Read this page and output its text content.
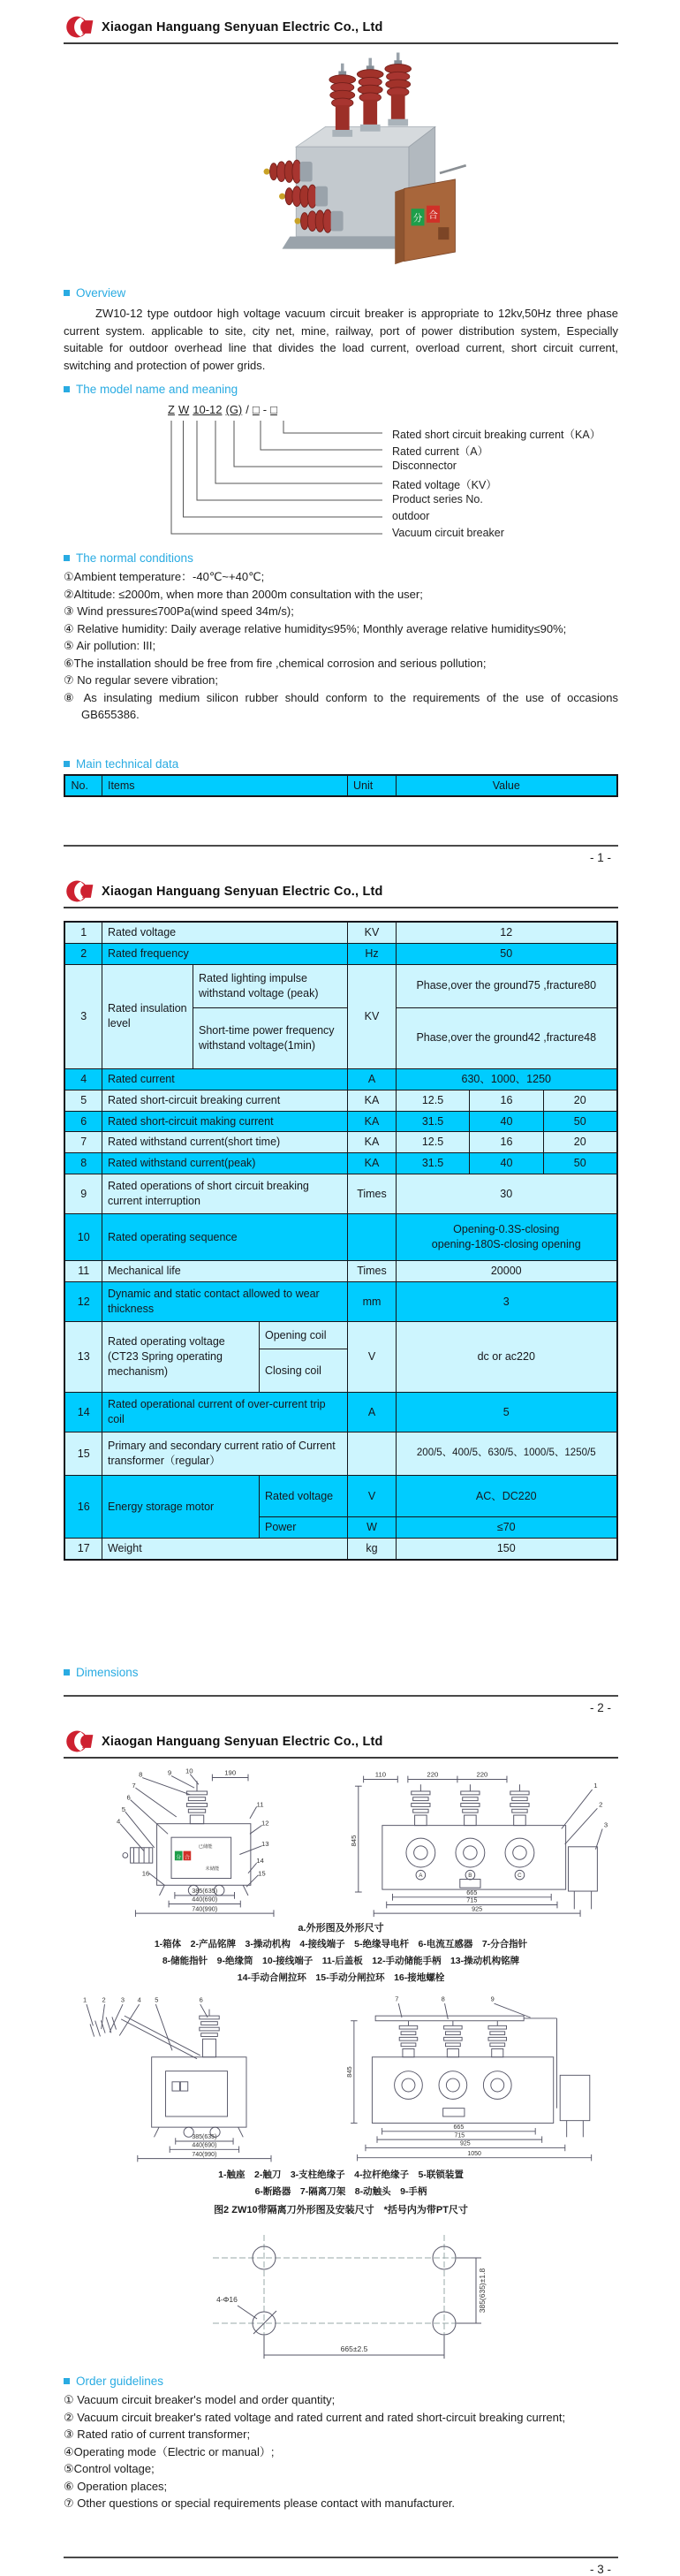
Xiaogan Hanguang Senyuan Electric Co., Ltd
分 合
Overview

ZW10-12 type outdoor high voltage vacuum circuit breaker is appropriate to 12kv,50Hz three phase current system. applicable to site, city net, mine, railway, port of power distribution system, Especially suitable for outdoor overhead line that divides the load current, overload current, short circuit current, switching and protection of power grids.

The model name and meaning
Z W 10-12 (G) / □ - □
Rated short circuit breaking current（KA）
Rated current（A）
Disconnector
Rated voltage（KV）
Product series No.
outdoor
Vacuum circuit breaker
The normal conditions
①Ambient temperature：-40℃~+40℃;
②Altitude: ≤2000m, when more than 2000m consultation with the user;
③ Wind pressure≤700Pa(wind speed 34m/s);
④ Relative humidity: Daily average relative humidity≤95%; Monthly average relative humidity≤90%;
⑤ Air pollution: III;
⑥The installation should be free from fire ,chemical corrosion and serious pollution;
⑦ No regular severe vibration;
⑧ As insulating medium silicon rubber should conform to the requirements of the use of occasions GB655386.
Main technical data
No.	Items	Unit	Value
- 1 -
Xiaogan Hanguang Senyuan Electric Co., Ltd
1	Rated voltage			KV	12		
2	Rated frequency			Hz	50		
3	Rated insulation level	Rated lighting impulse withstand voltage (peak)		KV	Phase,over the ground75 ,fracture80		
		Short-time power frequency withstand voltage(1min)			Phase,over the ground42 ,fracture48		
4	Rated current			A	630、1000、1250		
5	Rated short-circuit breaking current			KA	12.5	16	20
6	Rated short-circuit making current			KA	31.5	40	50
7	Rated withstand current(short time)			KA	12.5	16	20
8	Rated withstand current(peak)			KA	31.5	40	50
9	Rated operations of short circuit breaking current interruption			Times	30		
10	Rated operating sequence				Opening-0.3S-closing
opening-180S-closing opening		

11	Mechanical life			Times	20000		
12	Dynamic and static contact allowed to wear thickness			mm	3		
13	Rated operating voltage (CT23 Spring operating mechanism)		Opening coil	V	dc or ac220		
			Closing coil				
14	Rated operational current of over-current trip coil			A	5		
15	Primary and secondary current ratio of Current transformer（regular）				200/5、400/5、630/5、1000/5、1250/5		
16	Energy storage motor		Rated voltage	V	AC、DC220		
			Power	W	≤70		
17	Weight			kg	150		
Dimensions
- 2 -
Xiaogan Hanguang Senyuan Electric Co., Ltd
190
4
5
6
7
8	9 10
11
12
13
14
15
16
385(635)
440(690)
740(990)
已储能
分 合
未储能
110	220	220
845
1
2
3
A	B	C
665
715
925
a.外形图及外形尺寸
1-箱体　2-产品铭牌　3-操动机构　4-接线端子　5-绝缘导电杆　6-电流互感器　7-分合指针
8-储能指针　9-绝缘筒　10-接线端子　11-后盖板　12-手动储能手柄　13-操动机构铭牌
14-手动合闸拉环　15-手动分闸拉环　16-接地螺栓
1 2 3 4 5	6
385(635)
440(690)
740(990)
7	8	9
845
665
715
925
1050
1-触座　2-触刀　3-支柱绝缘子　4-拉杆绝缘子　5-联锁装置
6-断路器　7-隔离刀架　8-动触头　9-手柄
图2 ZW10带隔离刀外形图及安装尺寸　*括号内为带PT尺寸
4-Φ16
665±2.5
385(635)±1.8
Order guidelines
① Vacuum circuit breaker's model and order quantity;
② Vacuum circuit breaker's rated voltage and rated current and rated short-circuit breaking current;
③ Rated ratio of current transformer;
④Operating mode（Electric or manual）;
⑤Control voltage;
⑥ Operation places;
⑦ Other questions or special requirements please contact with manufacturer.
- 3 -
